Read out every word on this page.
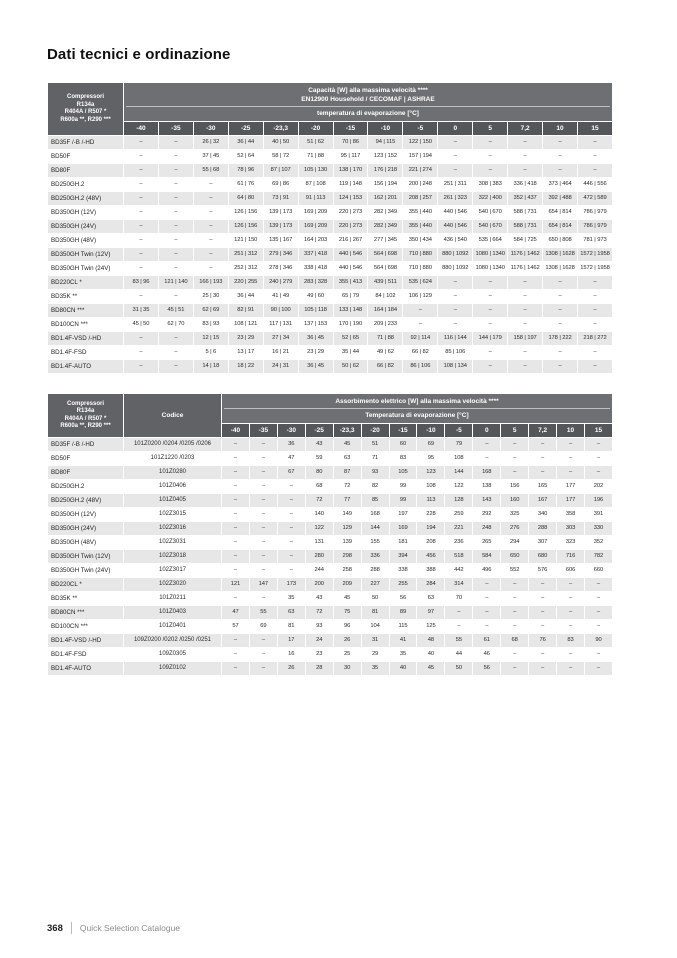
Dati tecnici e ordinazione
Compressori
R134a
R404A / R507 *
R600a **, R290 ***

Capacità [W] alla massima velocità ****
EN12900 Household / CECOMAF | ASHRAE
temperatura di evaporazione [°C]

	-40	-35	-30	-25	-23,3	-20	-15	-10	-5	0	5	7,2	10	15
BD35F /-B /-HD	–	–	26 | 32	36 | 44	40 | 50	51 | 62	70 | 86	94 | 115	122 | 150	–	–	–	–	–
BD50F	–	–	37 | 45	52 | 64	58 | 72	71 | 88	95 | 117	123 | 152	157 | 194	–	–	–	–	–
BD80F	–	–	55 | 68	78 | 96	87 | 107	105 | 130	138 | 170	176 | 218	221 | 274	–	–	–	–	–
BD250GH.2	–	–	–	61 | 76	69 | 86	87 | 108	119 | 148	156 | 194	200 | 248	251 | 311	308 | 383	336 | 418	373 | 464	446 | 556
BD250GH.2 (48V)	–	–	–	64 | 80	73 | 91	91 | 113	124 | 153	162 | 201	208 | 257	261 | 323	322 | 400	352 | 437	392 | 488	472 | 589
BD350GH (12V)	–	–	–	126 | 156	139 | 173	169 | 209	220 | 273	282 | 349	355 | 440	440 | 546	540 | 670	588 | 731	654 | 814	786 | 979
BD350GH (24V)	–	–	–	126 | 156	139 | 173	169 | 209	220 | 273	282 | 349	355 | 440	440 | 546	540 | 670	588 | 731	654 | 814	786 | 979
BD350GH (48V)	–	–	–	121 | 150	135 | 167	164 | 203	216 | 267	277 | 345	350 | 434	436 | 540	535 | 664	584 | 725	650 | 808	781 | 973
BD350GH Twin (12V)	–	–	–	251 | 312	279 | 346	337 | 418	440 | 546	564 | 698	710 | 880	880 | 1092	1080 | 1340	1176 | 1462	1308 | 1628	1572 | 1958
BD350GH Twin (24V)	–	–	–	252 | 312	278 | 346	338 | 418	440 | 546	564 | 698	710 | 880	880 | 1092	1080 | 1340	1176 | 1462	1308 | 1628	1572 | 1958
BD220CL *	83 | 96	121 | 140	166 | 193	220 | 255	240 | 279	283 | 328	355 | 413	439 | 511	535 | 624	–	–	–	–	–
BD35K **	–	–	25 | 30	36 | 44	41 | 49	49 | 60	65 | 79	84 | 102	106 | 129	–	–	–	–	–
BD80CN ***	31 | 35	45 | 51	62 | 69	82 | 91	90 | 100	105 | 118	133 | 148	164 | 184	–	–	–	–	–	–
BD100CN ***	45 | 50	62 | 70	83 | 93	108 | 121	117 | 131	137 | 153	170 | 190	209 | 233	–	–	–	–	–	–
BD1.4F-VSD /-HD	–	–	12 | 15	23 | 29	27 | 34	36 | 45	52 | 65	71 | 88	92 | 114	116 | 144	144 | 179	158 | 197	178 | 222	218 | 272
BD1.4F-FSD	–	–	5 | 6	13 | 17	16 | 21	23 | 29	35 | 44	49 | 62	66 | 82	85 | 106	–	–	–	–
BD1.4F-AUTO	–	–	14 | 18	18 | 22	24 | 31	36 | 45	50 | 62	66 | 82	86 | 106	108 | 134	–	–	–	–
Compressori
R134a
R404A / R507 *
R600a **, R290 ***
	Codice	
Assorbimento elettrico [W] alla massima velocità ****
Temperatura di evaporazione [°C]

		-40	-35	-30	-25	-23,3	-20	-15	-10	-5	0	5	7,2	10	15
BD35F /-B /-HD	101Z0200 /0204 /0205 /0206	–	–	36	43	45	51	60	69	79	–	–	–	–	–
BD50F	101Z1220 /0203	–	–	47	59	63	71	83	95	108	–	–	–	–	–
BD80F	101Z0280	–	–	67	80	87	93	105	123	144	168	–	–	–	–
BD250GH.2	101Z0406	–	–	–	68	72	82	99	108	122	138	156	165	177	202
BD250GH.2 (48V)	101Z0405	–	–	–	72	77	85	99	113	128	143	160	167	177	196
BD350GH (12V)	102Z3015	–	–	–	140	149	168	197	228	259	292	325	340	358	391
BD350GH (24V)	102Z3016	–	–	–	122	129	144	169	194	221	248	276	288	303	330
BD350GH (48V)	102Z3031	–	–	–	131	139	155	181	208	236	265	294	307	323	352
BD350GH Twin (12V)	102Z3018	–	–	–	280	298	336	394	456	518	584	650	680	716	782
BD350GH Twin (24V)	102Z3017	–	–	–	244	258	288	338	388	442	496	552	576	606	660
BD220CL *	102Z3020	121	147	173	200	209	227	255	284	314	–	–	–	–	–
BD35K **	101Z0211	–	–	35	43	45	50	56	63	70	–	–	–	–	–
BD80CN ***	101Z0403	47	55	63	72	75	81	89	97	–	–	–	–	–	–
BD100CN ***	101Z0401	57	69	81	93	96	104	115	125	–	–	–	–	–	–
BD1.4F-VSD /-HD	109Z0200 /0202 /0250 /0251	–	–	17	24	26	31	41	48	55	61	68	76	83	90
BD1.4F-FSD	109Z0305	–	–	16	23	25	29	35	40	44	46	–	–	–	–
BD1.4F-AUTO	109Z0102	–	–	26	28	30	35	40	45	50	56	–	–	–	–
368 Quick Selection Catalogue
